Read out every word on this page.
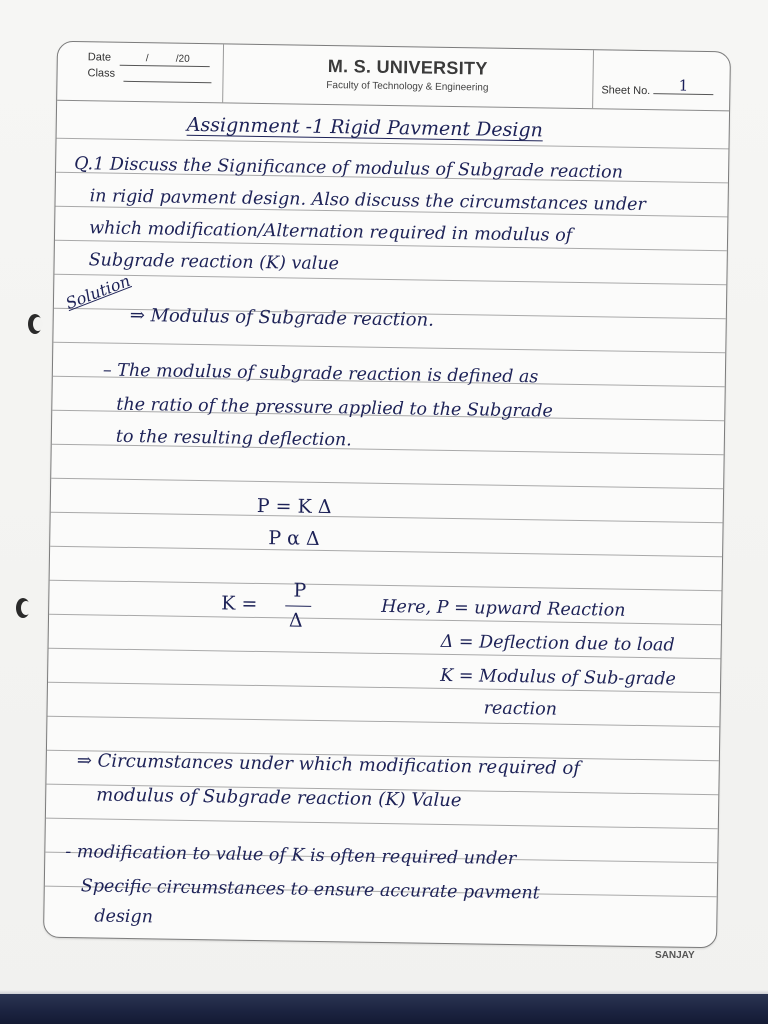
Date	/	/20
Class	M. S. UNIVERSITY
Faculty of Technology & Engineering	Sheet No.	1
Assignment -1 Rigid Pavment Design
Q.1 Discuss the Significance of modulus of Subgrade reaction
in rigid pavment design. Also discuss the circumstances under
which modification/Alternation required in modulus of
Subgrade reaction (K) value
Solution
⇒ Modulus of Subgrade reaction.
– The modulus of subgrade reaction is defined as
the ratio of the pressure applied to the Subgrade
to the resulting deflection.
P = K Δ
P α Δ
K =
P
Δ	Here, P = upward Reaction
Δ = Deflection due to load
K = Modulus of Sub-grade
reaction
⇒ Circumstances under which modification required of
modulus of Subgrade reaction (K) Value
- modification to value of K is often required under
Specific circumstances to ensure accurate pavment
design
SANJAY
